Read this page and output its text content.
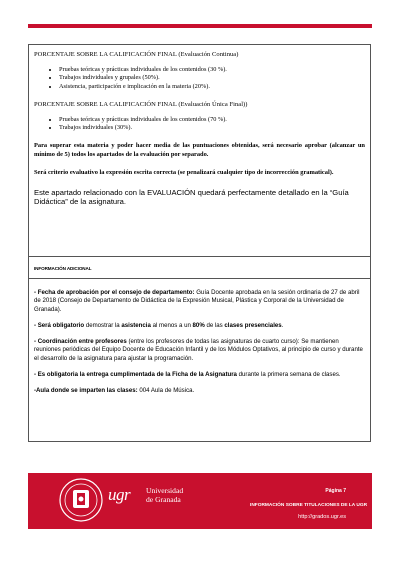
PORCENTAJE SOBRE LA CALIFICACIÓN FINAL (Evaluación Continua)

• Pruebas teóricas y prácticas individuales de los contenidos (30 %).
• Trabajos individuales y grupales (50%).
• Asistencia, participación e implicación en la materia (20%).

PORCENTAJE SOBRE LA CALIFICACIÓN FINAL (Evaluación Única Final))

• Pruebas teóricas y prácticas individuales de los contenidos (70 %).
• Trabajos individuales (30%).

Para superar esta materia y poder hacer media de las puntuaciones obtenidas, será necesario aprobar (alcanzar un mínimo de 5) todos los apartados de la evaluación por separado.

Será criterio evaluativo la expresión escrita correcta (se penalizará cualquier tipo de incorrección gramatical).

Este apartado relacionado con la EVALUACIÓN quedará perfectamente detallado en la “Guía Didáctica” de la asignatura.

INFORMACIÓN ADICIONAL

- Fecha de aprobación por el consejo de departamento: Guía Docente aprobada en la sesión ordinaria de 27 de abril de 2018 (Consejo de Departamento de Didáctica de la Expresión Musical, Plástica y Corporal de la Universidad de Granada).

- Será obligatorio demostrar la asistencia al menos a un 80% de las clases presenciales.

- Coordinación entre profesores (entre los profesores de todas las asignaturas de cuarto curso): Se mantienen reuniones periódicas del Equipo Docente de Educación Infantil y de los Módulos Optativos, al principio de curso y durante el desarrollo de la asignatura para ajustar la programación.

- Es obligatoria la entrega cumplimentada de la Ficha de la Asignatura durante la primera semana de clases.

-Aula donde se imparten las clases: 004 Aula de Música.

ugr Universidad
de Granada
Página 7
INFORMACIÓN SOBRE TITULACIONES DE LA UGR
http://grados.ugr.es
